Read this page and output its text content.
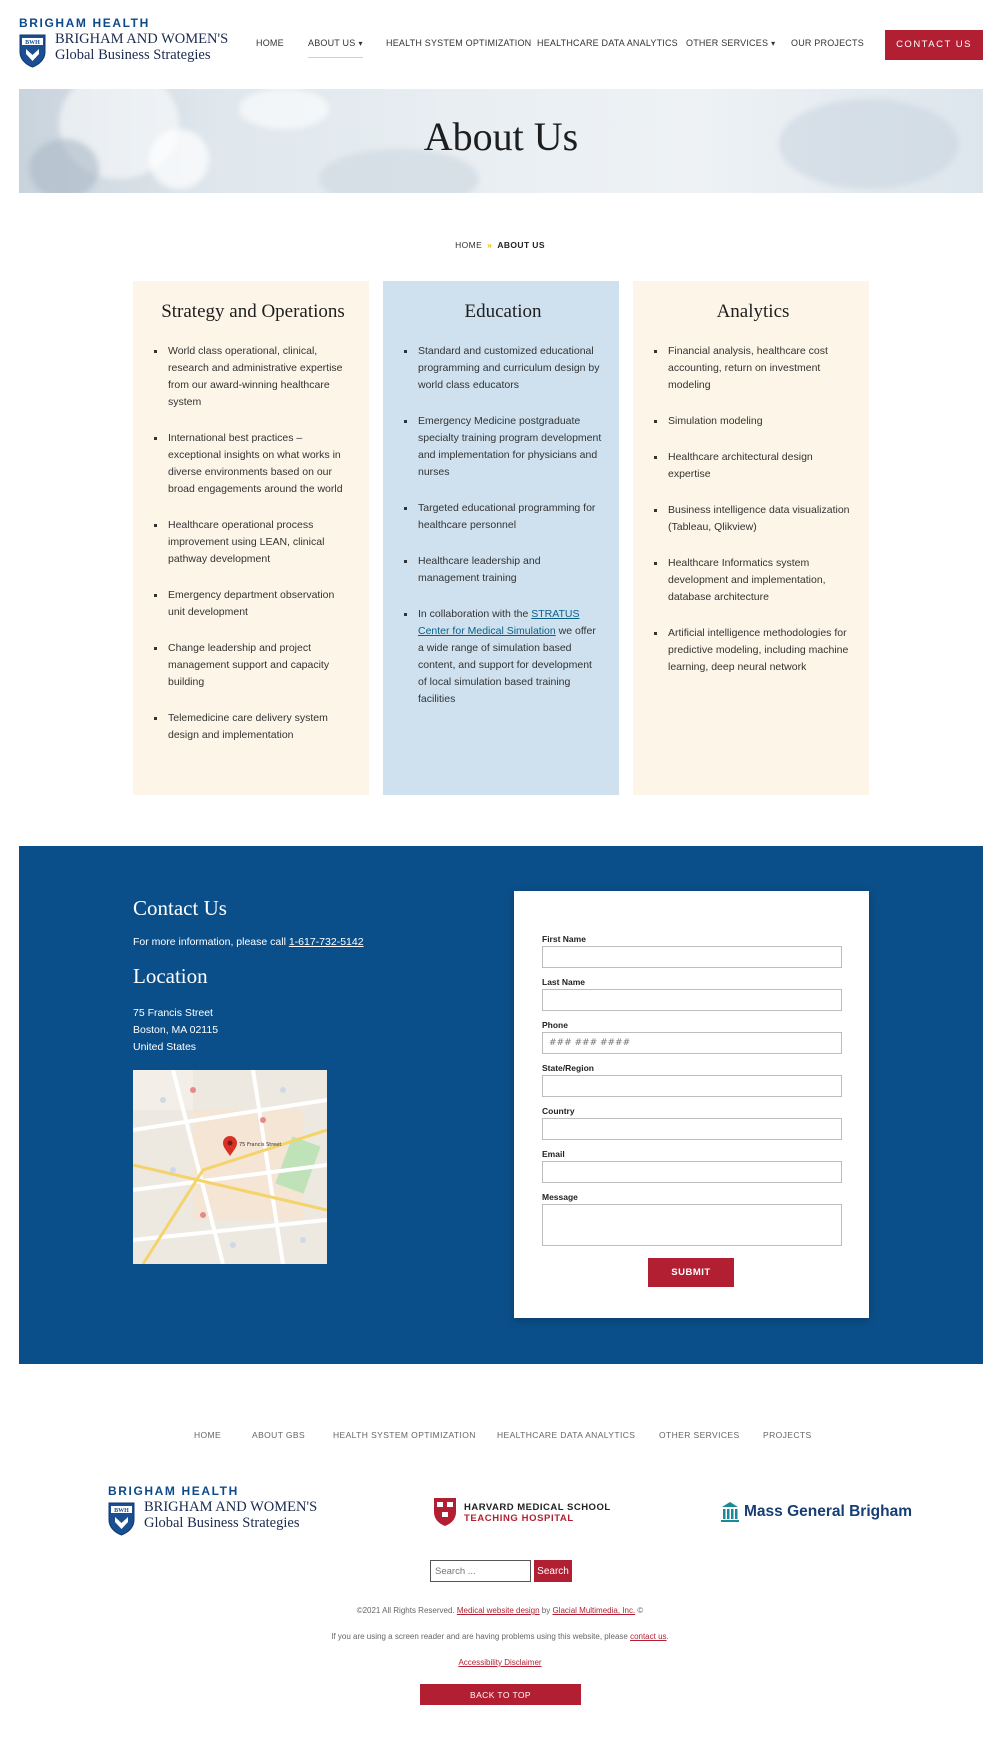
BRIGHAM HEALTH
BWH BRIGHAM AND WOMEN'S
Global Business Strategies
HOME	ABOUT US ▾	HEALTH SYSTEM OPTIMIZATION HEALTHCARE DATA ANALYTICS OTHER SERVICES ▾ OUR PROJECTS	CONTACT US
About Us
HOME » ABOUT US
Strategy and Operations
World class operational, clinical, research and administrative expertise from our award-winning healthcare system
International best practices – exceptional insights on what works in diverse environments based on our broad engagements around the world
Healthcare operational process improvement using LEAN, clinical pathway development
Emergency department observation unit development
Change leadership and project management support and capacity building
Telemedicine care delivery system design and implementation
Education
Standard and customized educational programming and curriculum design by world class educators
Emergency Medicine postgraduate specialty training program development and implementation for physicians and nurses
Targeted educational programming for healthcare personnel
Healthcare leadership and management training
In collaboration with the STRATUS Center for Medical Simulation we offer a wide range of simulation based content, and support for development of local simulation based training facilities
Analytics
Financial analysis, healthcare cost accounting, return on investment modeling
Simulation modeling
Healthcare architectural design expertise
Business intelligence data visualization (Tableau, Qlikview)
Healthcare Informatics system development and implementation, database architecture
Artificial intelligence methodologies for predictive modeling, including machine learning, deep neural network
Contact Us
For more information, please call 1-617-732-5142
Location
75 Francis Street
Boston, MA 02115
United States
75 Francis Street
First Name
Last Name
Phone
### ### ####
State/Region
Country
Email
Message
SUBMIT
HOME	ABOUT GBS	HEALTH SYSTEM OPTIMIZATION HEALTHCARE DATA ANALYTICS	OTHER SERVICES	PROJECTS
BRIGHAM HEALTH
BWH BRIGHAM AND WOMEN'S
Global Business Strategies
HARVARD MEDICAL SCHOOL
TEACHING HOSPITAL	Mass General Brigham
Search ...
Search
©2021 All Rights Reserved. Medical website design by Glacial Multimedia, Inc. ©
If you are using a screen reader and are having problems using this website, please contact us.
Accessibility Disclaimer
BACK TO TOP
